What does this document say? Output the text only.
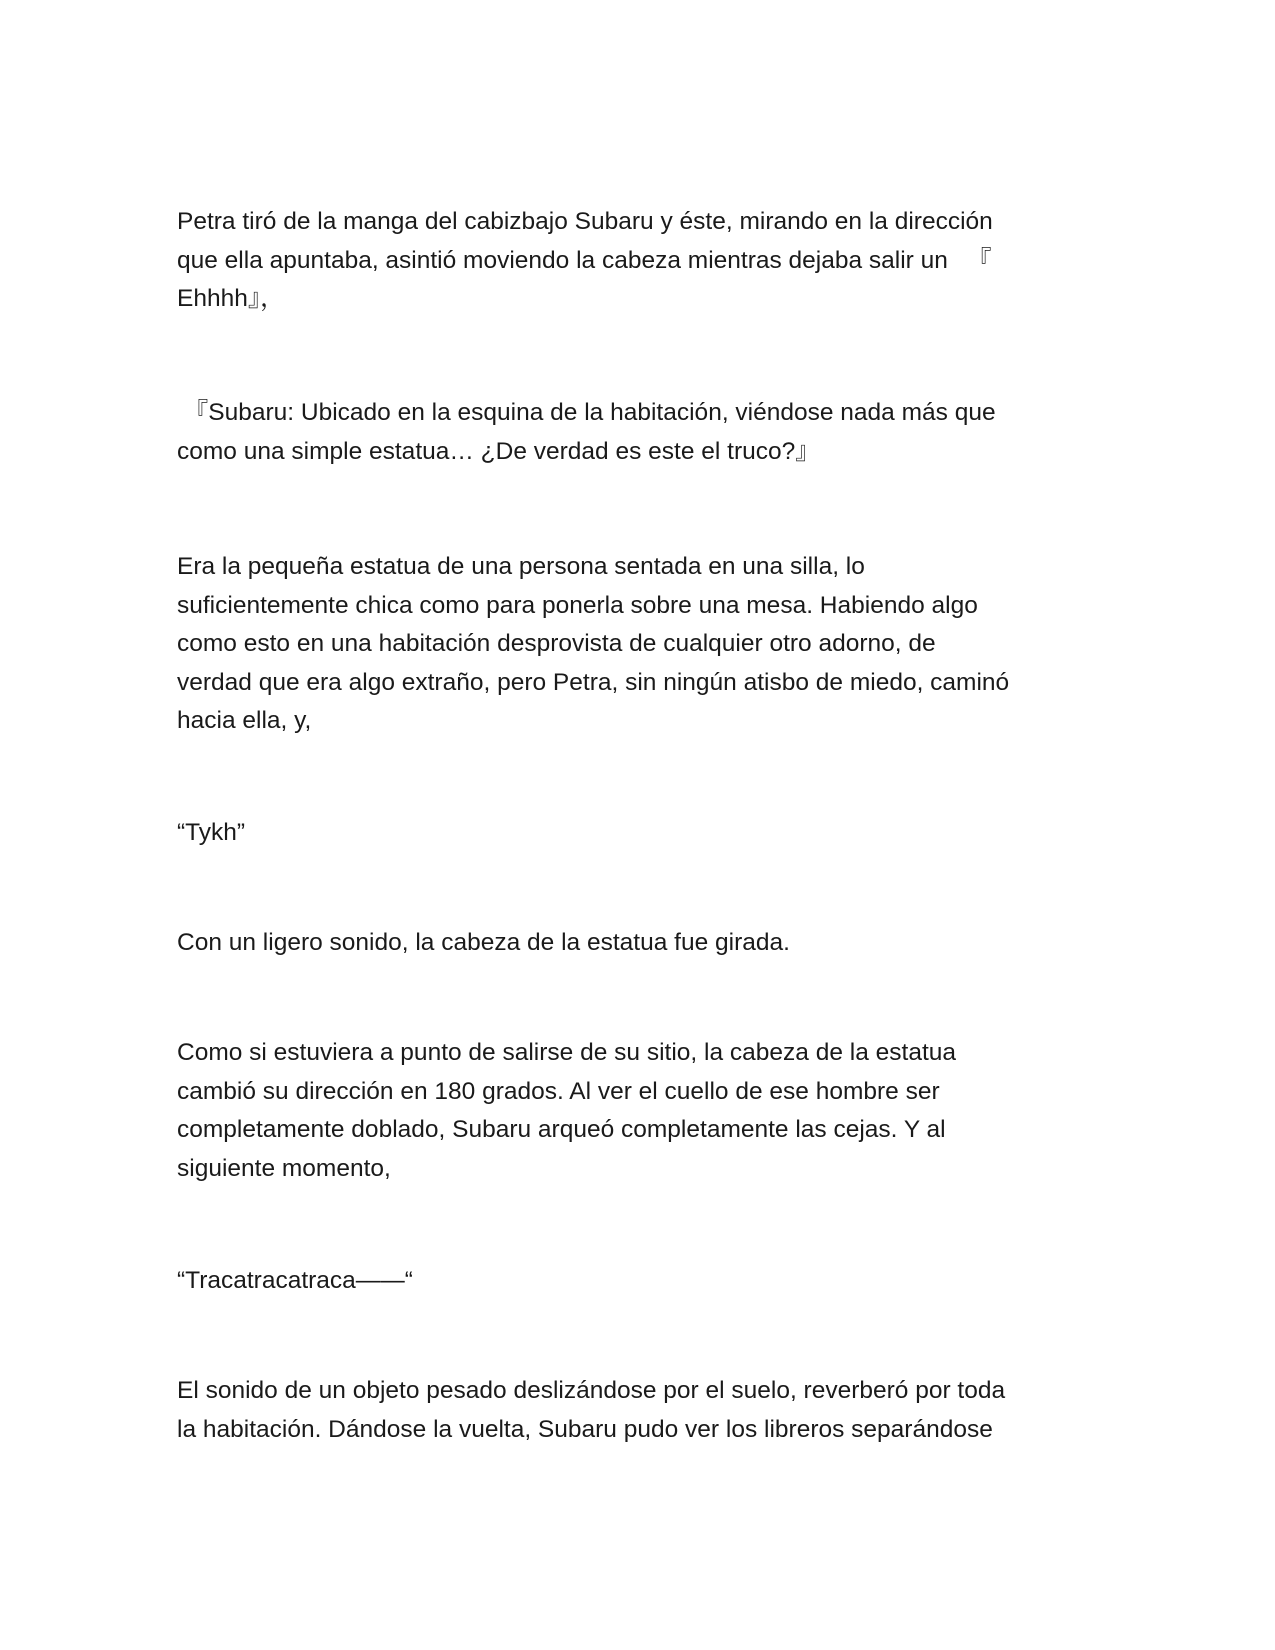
Petra tiró de la manga del cabizbajo Subaru y éste, mirando en la dirección
que ella apuntaba, asintió moviendo la cabeza mientras dejaba salir un 　『
Ehhhh』，

『Subaru: Ubicado en la esquina de la habitación, viéndose nada más que
como una simple estatua… ¿De verdad es este el truco?』

Era la pequeña estatua de una persona sentada en una silla, lo
suficientemente chica como para ponerla sobre una mesa. Habiendo algo
como esto en una habitación desprovista de cualquier otro adorno, de
verdad que era algo extraño, pero Petra, sin ningún atisbo de miedo, caminó
hacia ella, y,

“Tykh”

Con un ligero sonido, la cabeza de la estatua fue girada.

Como si estuviera a punto de salirse de su sitio, la cabeza de la estatua
cambió su dirección en 180 grados. Al ver el cuello de ese hombre ser
completamente doblado, Subaru arqueó completamente las cejas. Y al
siguiente momento,

“Tracatracatraca——“

El sonido de un objeto pesado deslizándose por el suelo, reverberó por toda
la habitación. Dándose la vuelta, Subaru pudo ver los libreros separándose
